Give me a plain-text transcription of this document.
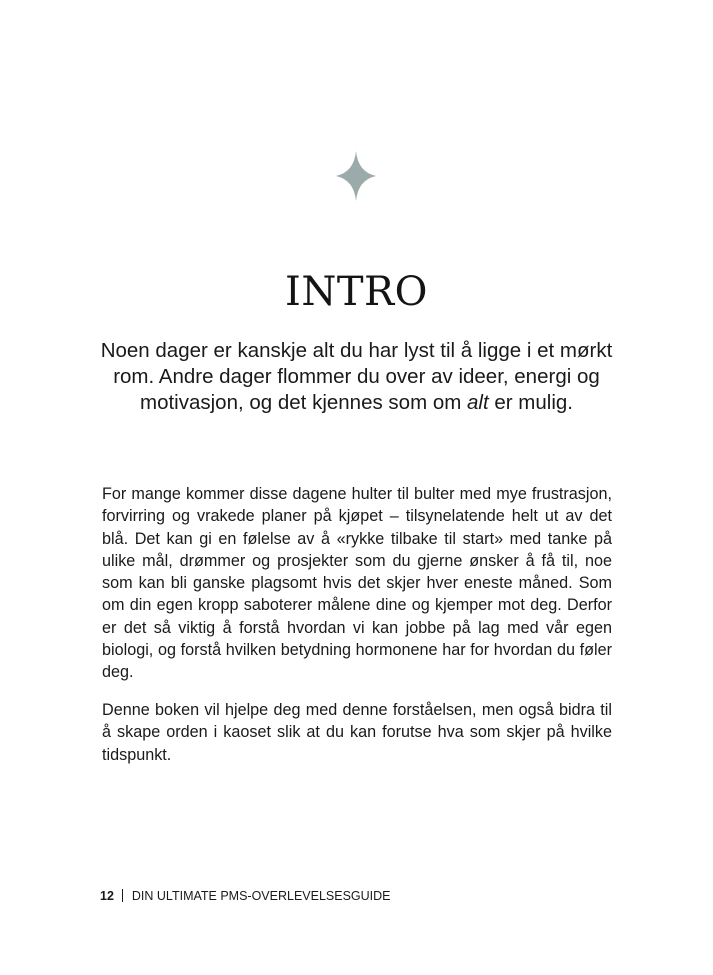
INTRO

Noen dager er kanskje alt du har lyst til å ligge i et mørkt rom. Andre dager flommer du over av ideer, energi og motivasjon, og det kjennes som om alt er mulig.

For mange kommer disse dagene hulter til bulter med mye frustrasjon, forvirring og vrakede planer på kjøpet – tilsynelatende helt ut av det blå. Det kan gi en følelse av å «rykke tilbake til start» med tanke på ulike mål, drømmer og prosjekter som du gjerne ønsker å få til, noe som kan bli ganske plagsomt hvis det skjer hver eneste måned. Som om din egen kropp saboterer målene dine og kjemper mot deg. Derfor er det så viktig å forstå hvordan vi kan jobbe på lag med vår egen biologi, og forstå hvilken betydning hormonene har for hvordan du føler deg.

Denne boken vil hjelpe deg med denne forståelsen, men også bidra til å skape orden i kaoset slik at du kan forutse hva som skjer på hvilke tidspunkt.

12 DIN ULTIMATE PMS-OVERLEVELSESGUIDE
